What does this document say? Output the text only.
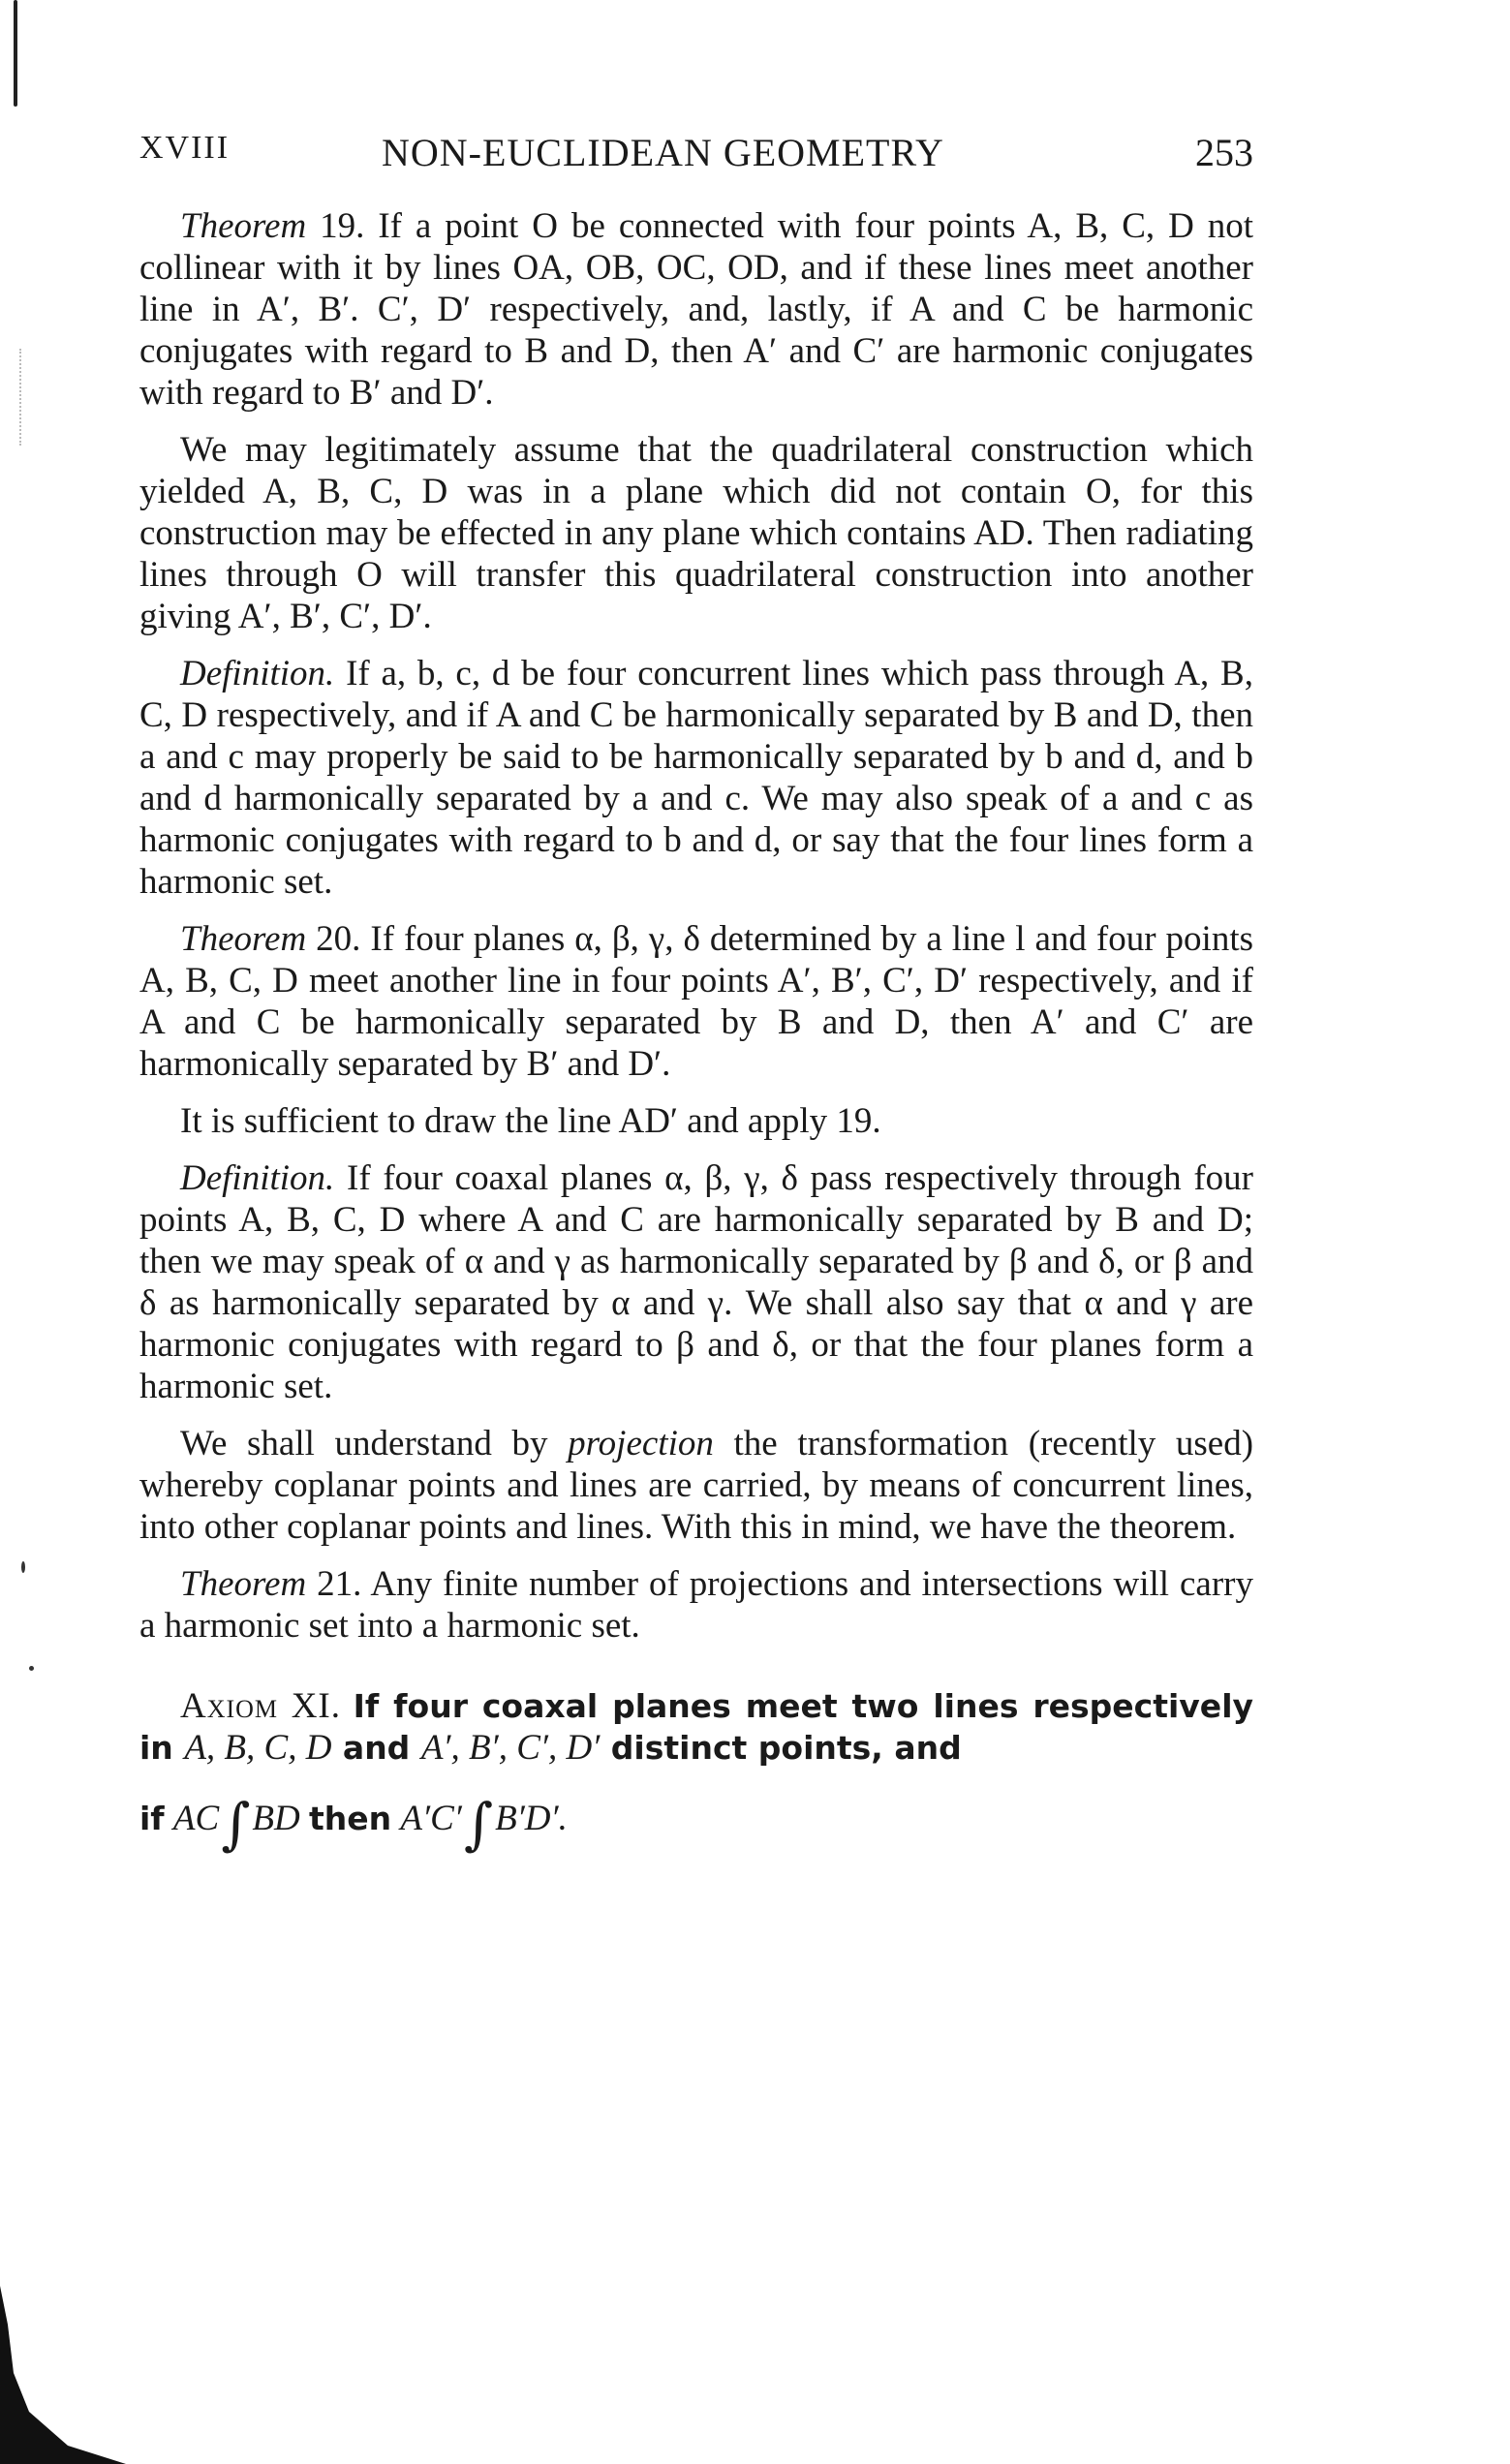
XVIII	NON-EUCLIDEAN GEOMETRY	253

Theorem 19. If a point O be connected with four points A, B, C, D not collinear with it by lines OA, OB, OC, OD, and if these lines meet another line in A′, B′. C′, D′ respectively, and, lastly, if A and C be harmonic conjugates with regard to B and D, then A′ and C′ are harmonic conjugates with regard to B′ and D′.

We may legitimately assume that the quadrilateral construction which yielded A, B, C, D was in a plane which did not contain O, for this construction may be effected in any plane which contains AD. Then radiating lines through O will transfer this quadrilateral construction into another giving A′, B′, C′, D′.

Definition. If a, b, c, d be four concurrent lines which pass through A, B, C, D respectively, and if A and C be harmonically separated by B and D, then a and c may properly be said to be harmonically separated by b and d, and b and d harmonically separated by a and c. We may also speak of a and c as harmonic conjugates with regard to b and d, or say that the four lines form a harmonic set.

Theorem 20. If four planes α, β, γ, δ determined by a line l and four points A, B, C, D meet another line in four points A′, B′, C′, D′ respectively, and if A and C be harmonically separated by B and D, then A′ and C′ are harmonically separated by B′ and D′.

It is sufficient to draw the line AD′ and apply 19.

Definition. If four coaxal planes α, β, γ, δ pass respectively through four points A, B, C, D where A and C are harmonically separated by B and D; then we may speak of α and γ as harmonically separated by β and δ, or β and δ as harmonically separated by α and γ. We shall also say that α and γ are harmonic conjugates with regard to β and δ, or that the four planes form a harmonic set.

We shall understand by projection the transformation (recently used) whereby coplanar points and lines are carried, by means of concurrent lines, into other coplanar points and lines. With this in mind, we have the theorem.

Theorem 21. Any finite number of projections and intersections will carry a harmonic set into a harmonic set.

Axiom XI. If four coaxal planes meet two lines respectively in A, B, C, D and A′, B′, C′, D′ distinct points, and

if AC∫BD then A′C′∫B′D′.
